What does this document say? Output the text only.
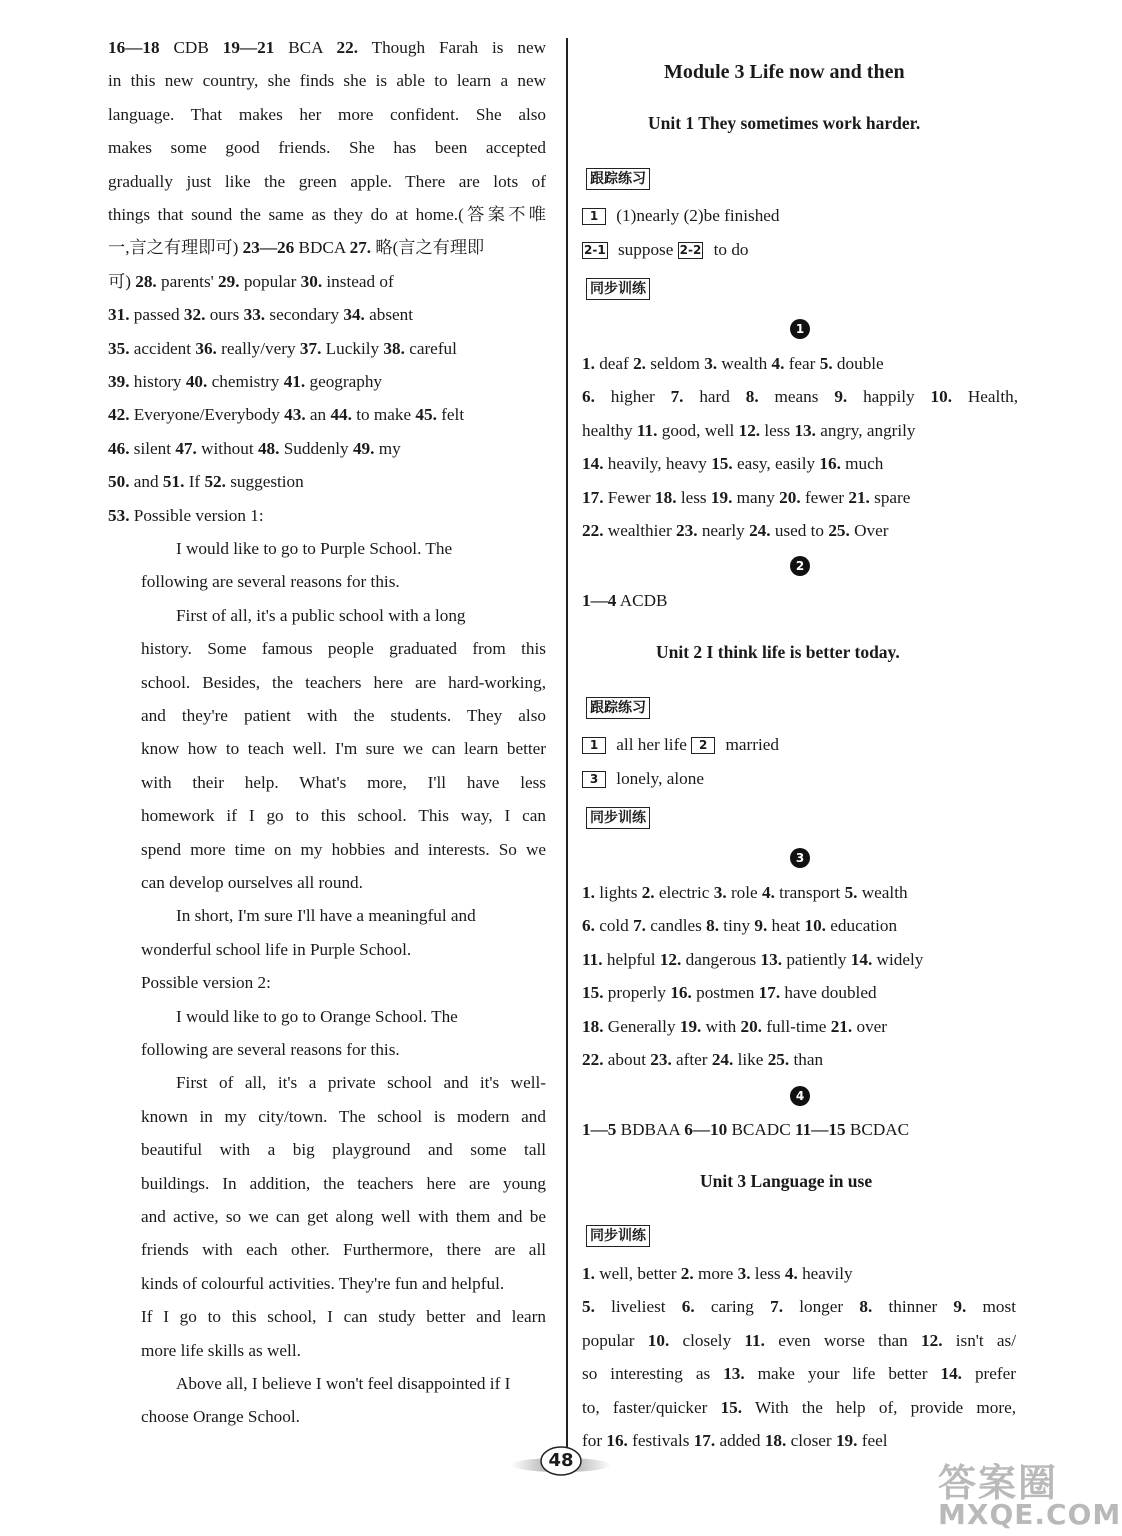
16—18 CDB 19—21 BCA 22. Though Farah is new
in this new country, she finds she is able to learn a new
language. That makes her more confident. She also
makes some good friends. She has been accepted
gradually just like the green apple. There are lots of
things that sound the same as they do at home.(答案不唯
一,言之有理即可) 23—26 BDCA 27. 略(言之有理即
可) 28. parents' 29. popular 30. instead of
31. passed 32. ours 33. secondary 34. absent
35. accident 36. really/very 37. Luckily 38. careful
39. history 40. chemistry 41. geography
42. Everyone/Everybody 43. an 44. to make 45. felt
46. silent 47. without 48. Suddenly 49. my
50. and 51. If 52. suggestion
53. Possible version 1:
I would like to go to Purple School. The
following are several reasons for this.
First of all, it's a public school with a long
history. Some famous people graduated from this
school. Besides, the teachers here are hard-working,
and they're patient with the students. They also
know how to teach well. I'm sure we can learn better
with their help. What's more, I'll have less
homework if I go to this school. This way, I can
spend more time on my hobbies and interests. So we
can develop ourselves all round.
In short, I'm sure I'll have a meaningful and
wonderful school life in Purple School.
Possible version 2:
I would like to go to Orange School. The
following are several reasons for this.
First of all, it's a private school and it's well-
known in my city/town. The school is modern and
beautiful with a big playground and some tall
buildings. In addition, the teachers here are young
and active, so we can get along well with them and be
friends with each other. Furthermore, there are all
kinds of colourful activities. They're fun and helpful.
If I go to this school, I can study better and learn
more life skills as well.
Above all, I believe I won't feel disappointed if I
choose Orange School.
Module 3 Life now and then
Unit 1 They sometimes work harder.
跟踪练习
1 (1)nearly (2)be finished
2-1 suppose 2-2 to do
同步训练
1
1. deaf 2. seldom 3. wealth 4. fear 5. double
6. higher 7. hard 8. means 9. happily 10. Health,
healthy 11. good, well 12. less 13. angry, angrily
14. heavily, heavy 15. easy, easily 16. much
17. Fewer 18. less 19. many 20. fewer 21. spare
22. wealthier 23. nearly 24. used to 25. Over
2
1—4 ACDB
Unit 2 I think life is better today.
跟踪练习
1 all her life 2 married
3 lonely, alone
同步训练
3
1. lights 2. electric 3. role 4. transport 5. wealth
6. cold 7. candles 8. tiny 9. heat 10. education
11. helpful 12. dangerous 13. patiently 14. widely
15. properly 16. postmen 17. have doubled
18. Generally 19. with 20. full-time 21. over
22. about 23. after 24. like 25. than
4
1—5 BDBAA 6—10 BCADC 11—15 BCDAC
Unit 3 Language in use
同步训练
1. well, better 2. more 3. less 4. heavily
5. liveliest 6. caring 7. longer 8. thinner 9. most
popular 10. closely 11. even worse than 12. isn't as/
so interesting as 13. make your life better 14. prefer
to, faster/quicker 15. With the help of, provide more,
for 16. festivals 17. added 18. closer 19. feel
48
答案圈
MXQE.COM
